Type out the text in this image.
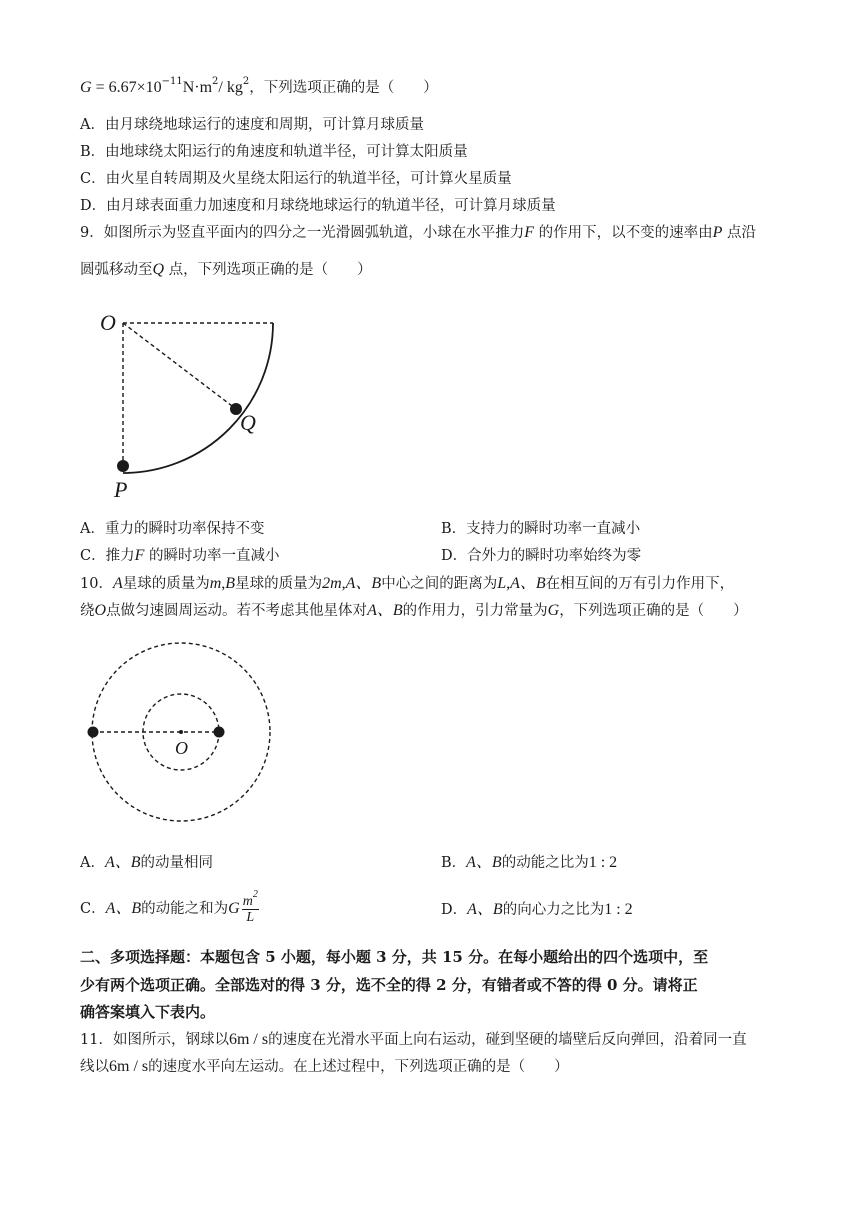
$G = 6.67\times 10^{-11}N\cdot m^2/$ $kg^2$，下列选项正确的是（　　）
A．由月球绕地球运行的速度和周期，可计算月球质量
B．由地球绕太阳运行的角速度和轨道半径，可计算太阳质量
C．由火星自转周期及火星绕太阳运行的轨道半径，可计算火星质量
D．由月球表面重力加速度和月球绕地球运行的轨道半径，可计算月球质量
9．如图所示为竖直平面内的四分之一光滑圆弧轨道，小球在水平推力F 的作用下，以不变的速率由P 点沿
圆弧移动至Q 点，下列选项正确的是（　　）
O
Q
P
A．重力的瞬时功率保持不变	B．支持力的瞬时功率一直减小
C．推力F 的瞬时功率一直减小	D．合外力的瞬时功率始终为零
10．A星球的质量为m,B星球的质量为2m,A、B中心之间的距离为L,A、B在相互间的万有引力作用下，
绕O点做匀速圆周运动。若不考虑其他星体对A、B的作用力，引力常量为G，下列选项正确的是（　　）
O
A．A、B的动量相同	B．A、B的动能之比为1 : 2
C．A、B的动能之和为G $\frac{m^2}{L}$	D．A、B的向心力之比为1 : 2
二、多项选择题：本题包含 5 小题，每小题 3 分，共 15 分。在每小题给出的四个选项中，至
少有两个选项正确。全部选对的得 3 分，选不全的得 2 分，有错者或不答的得 0 分。请将正
确答案填入下表内。
11．如图所示，钢球以6m / s的速度在光滑水平面上向右运动，碰到坚硬的墙壁后反向弹回，沿着同一直
线以6m / s的速度水平向左运动。在上述过程中，下列选项正确的是（　　）
